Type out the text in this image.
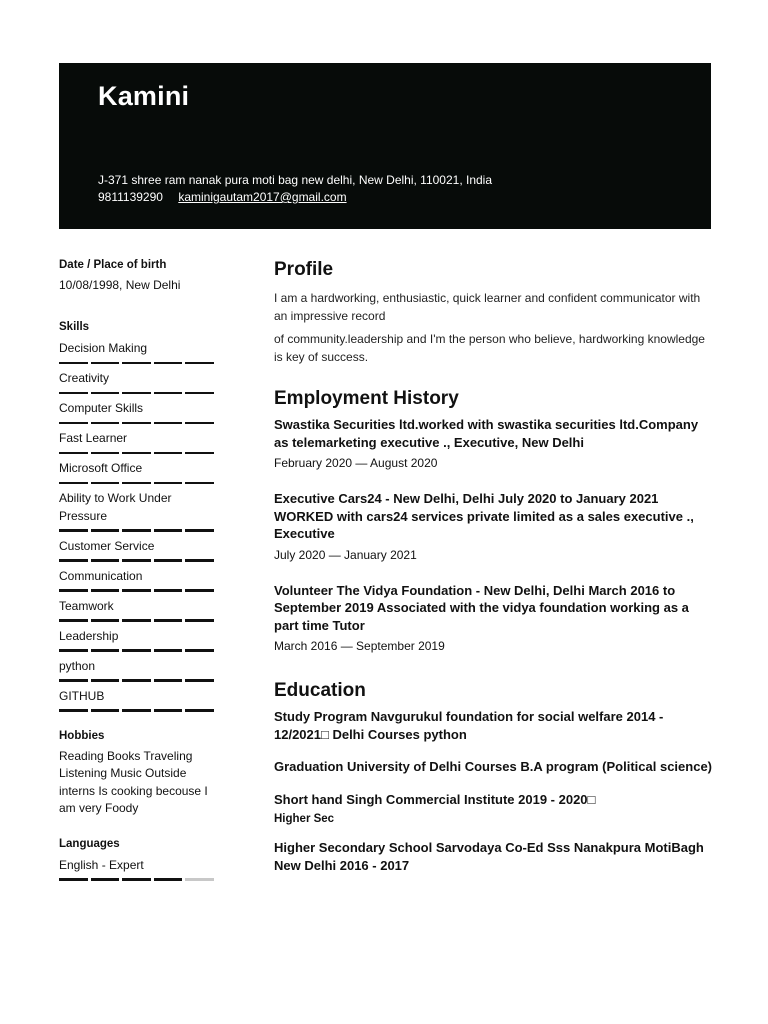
Kamini
J-371 shree ram nanak pura moti bag new delhi, New Delhi, 110021, India
9811139290 kaminigautam2017@gmail.com

Date / Place of birth

10/08/1998, New Delhi

Skills

Decision Making
Creativity
Computer Skills
Fast Learner
Microsoft Office
Ability to Work Under Pressure
Customer Service
Communication
Teamwork
Leadership
python
GITHUB

Hobbies

Reading Books Traveling Listening Music Outside interns Is cooking becouse I am very Foody

Languages

English - Expert

Profile

I am a hardworking, enthusiastic, quick learner and confident communicator with an impressive record

of community.leadership and I'm the person who believe, hardworking knowledge is key of success.

Employment History

Swastika Securities ltd.worked with swastika securities ltd.Company as telemarketing executive ., Executive, New Delhi

February 2020 — August 2020

Executive Cars24 - New Delhi, Delhi July 2020 to January 2021 WORKED with cars24 services private limited as a sales executive ., Executive

July 2020 — January 2021

Volunteer The Vidya Foundation - New Delhi, Delhi March 2016 to September 2019 Associated with the vidya foundation working as a part time Tutor

March 2016 — September 2019

Education

Study Program Navgurukul foundation for social welfare 2014 - 12/2021□ Delhi Courses python

Graduation University of Delhi Courses B.A program (Political science)

Short hand Singh Commercial Institute 2019 - 2020□

Higher Sec

Higher Secondary School Sarvodaya Co-Ed Sss Nanakpura MotiBagh New Delhi 2016 - 2017
